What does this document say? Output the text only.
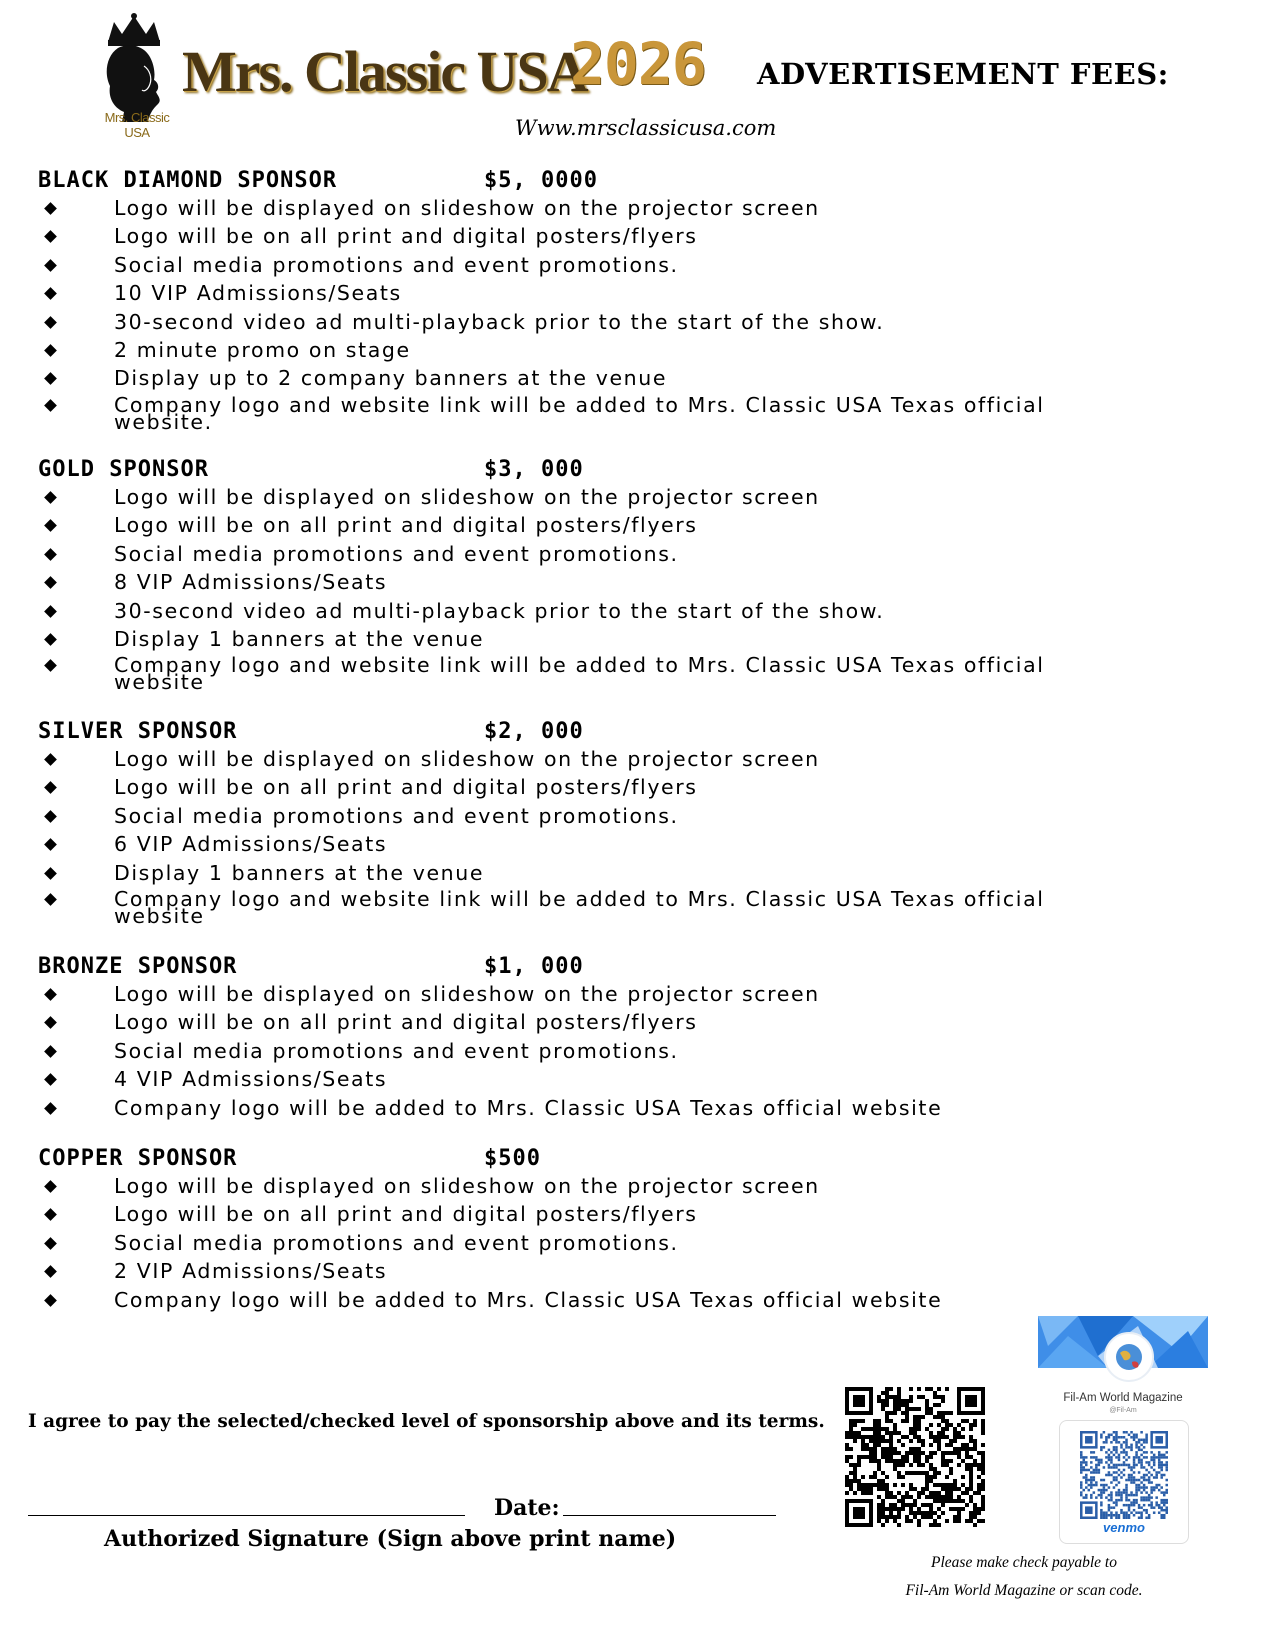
Mrs. Classic USA
Mrs. Classic USA
2026 ADVERTISEMENT FEES:
Www.mrsclassicusa.com
BLACK DIAMOND SPONSOR	$5, 0000
Logo will be displayed on slideshow on the projector screen
Logo will be on all print and digital posters/flyers
Social media promotions and event promotions.
10 VIP Admissions/Seats
30-second video ad multi-playback prior to the start of the show.
2 minute promo on stage
Display up to 2 company banners at the venue
Company logo and website link will be added to Mrs. Classic USA Texas official website.
GOLD SPONSOR	$3, 000
Logo will be displayed on slideshow on the projector screen
Logo will be on all print and digital posters/flyers
Social media promotions and event promotions.
8 VIP Admissions/Seats
30-second video ad multi-playback prior to the start of the show.
Display 1 banners at the venue
Company logo and website link will be added to Mrs. Classic USA Texas official website
SILVER SPONSOR	$2, 000
Logo will be displayed on slideshow on the projector screen
Logo will be on all print and digital posters/flyers
Social media promotions and event promotions.
6 VIP Admissions/Seats
Display 1 banners at the venue
Company logo and website link will be added to Mrs. Classic USA Texas official website
BRONZE SPONSOR	$1, 000
Logo will be displayed on slideshow on the projector screen
Logo will be on all print and digital posters/flyers
Social media promotions and event promotions.
4 VIP Admissions/Seats
Company logo will be added to Mrs. Classic USA Texas official website
COPPER SPONSOR	$500
Logo will be displayed on slideshow on the projector screen
Logo will be on all print and digital posters/flyers
Social media promotions and event promotions.
2 VIP Admissions/Seats
Company logo will be added to Mrs. Classic USA Texas official website
I agree to pay the selected/checked level of sponsorship above and its terms.
Date:
Authorized Signature (Sign above print name)
Fil-Am World Magazine
@Fil-Am
venmo
Please make check payable to
Fil-Am World Magazine or scan code.
